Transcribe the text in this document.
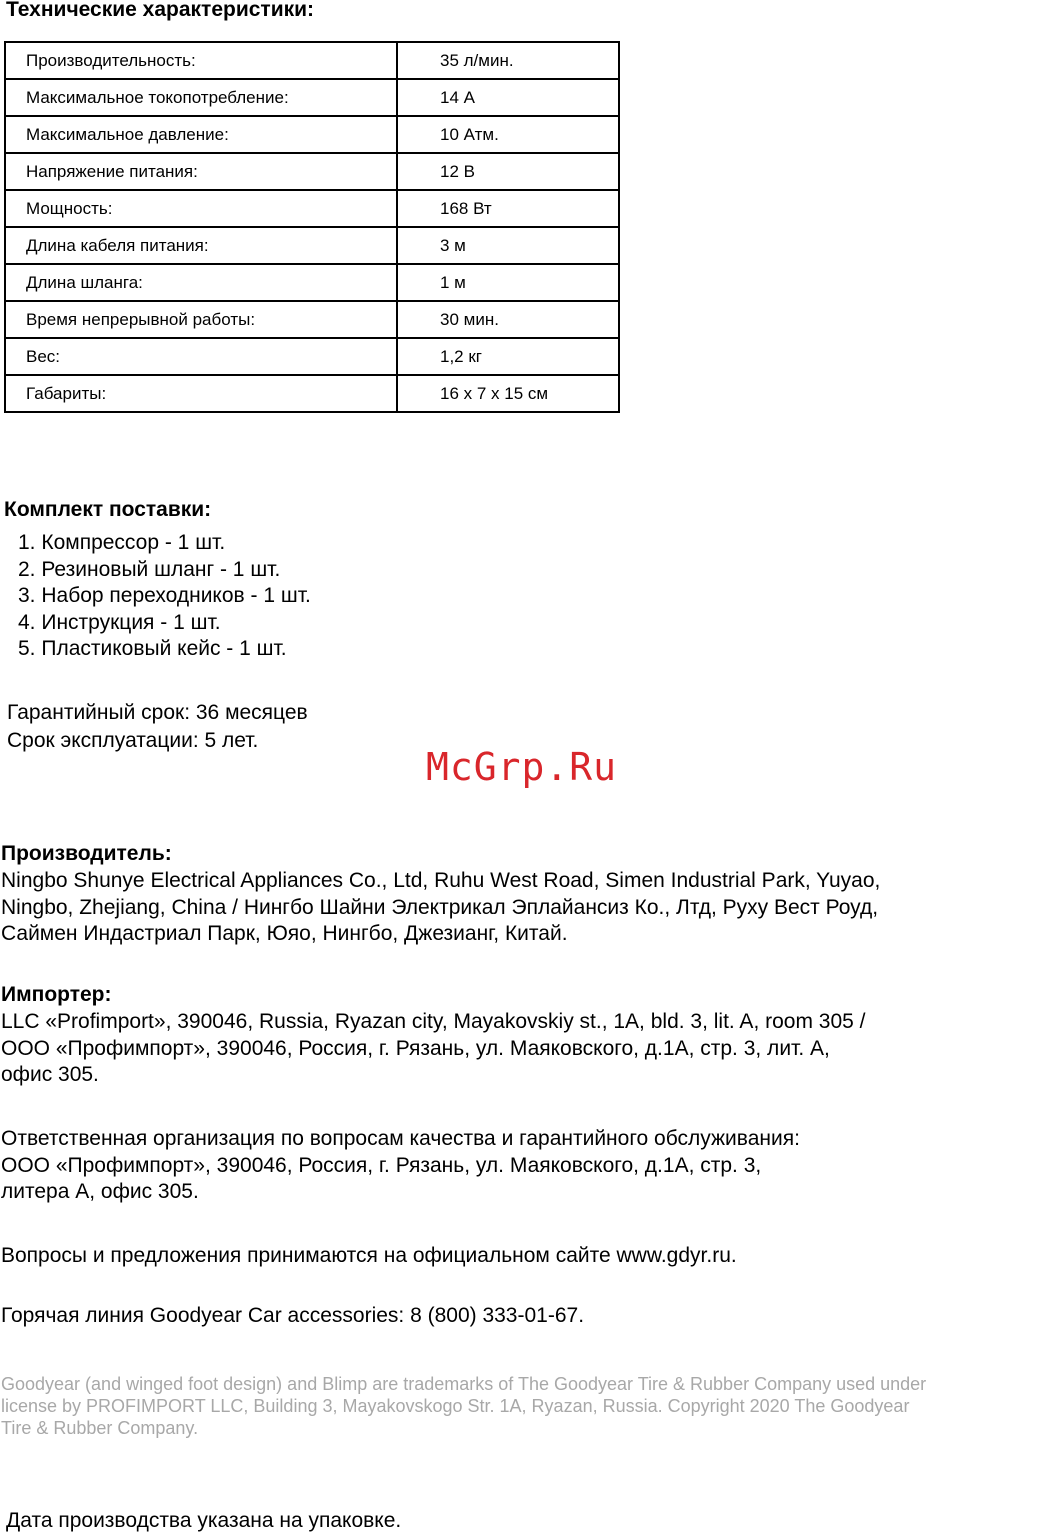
Технические характеристики:
Производительность:	35 л/мин.
Максимальное токопотребление:	14 А
Максимальное давление:	10 Атм.
Напряжение питания:	12 В
Мощность:	168 Вт
Длина кабеля питания:	3 м
Длина шланга:	1 м
Время непрерывной работы:	30 мин.
Вес:	1,2 кг
Габариты:	16 х 7 х 15 см
Комплект поставки:
1. Компрессор - 1 шт.
2. Резиновый шланг - 1 шт.
3. Набор переходников - 1 шт.
4. Инструкция - 1 шт.
5. Пластиковый кейс - 1 шт.
Гарантийный срок: 36 месяцев
Срок эксплуатации: 5 лет.
McGrp.Ru
Производитель:
Ningbo Shunye Electrical Appliances Co., Ltd, Ruhu West Road, Simen Industrial Park, Yuyao,
Ningbo, Zhejiang, China / Нингбо Шайни Электрикал Эплайансиз Ко., Лтд, Руху Вест Роуд,
Саймен Индастриал Парк, Юяо, Нингбо, Джезианг, Китай.
Импортер:
LLC «Profimport», 390046, Russia, Ryazan city, Mayakovskiy st., 1A, bld. 3, lit. A, room 305 /
ООО «Профимпорт», 390046, Россия, г. Рязань, ул. Маяковского, д.1А, стр. 3, лит. А,
офис 305.
Ответственная организация по вопросам качества и гарантийного обслуживания:
ООО «Профимпорт», 390046, Россия, г. Рязань, ул. Маяковского, д.1А, стр. 3,
литера А, офис 305.
Вопросы и предложения принимаются на официальном сайте www.gdyr.ru.
Горячая линия Goodyear Car accessories: 8 (800) 333-01-67.
Goodyear (and winged foot design) and Blimp are trademarks of The Goodyear Tire & Rubber Company used under
license by PROFIMPORT LLC, Building 3, Mayakovskogo Str. 1A, Ryazan, Russia. Copyright 2020 The Goodyear
Tire & Rubber Company.
Дата производства указана на упаковке.
